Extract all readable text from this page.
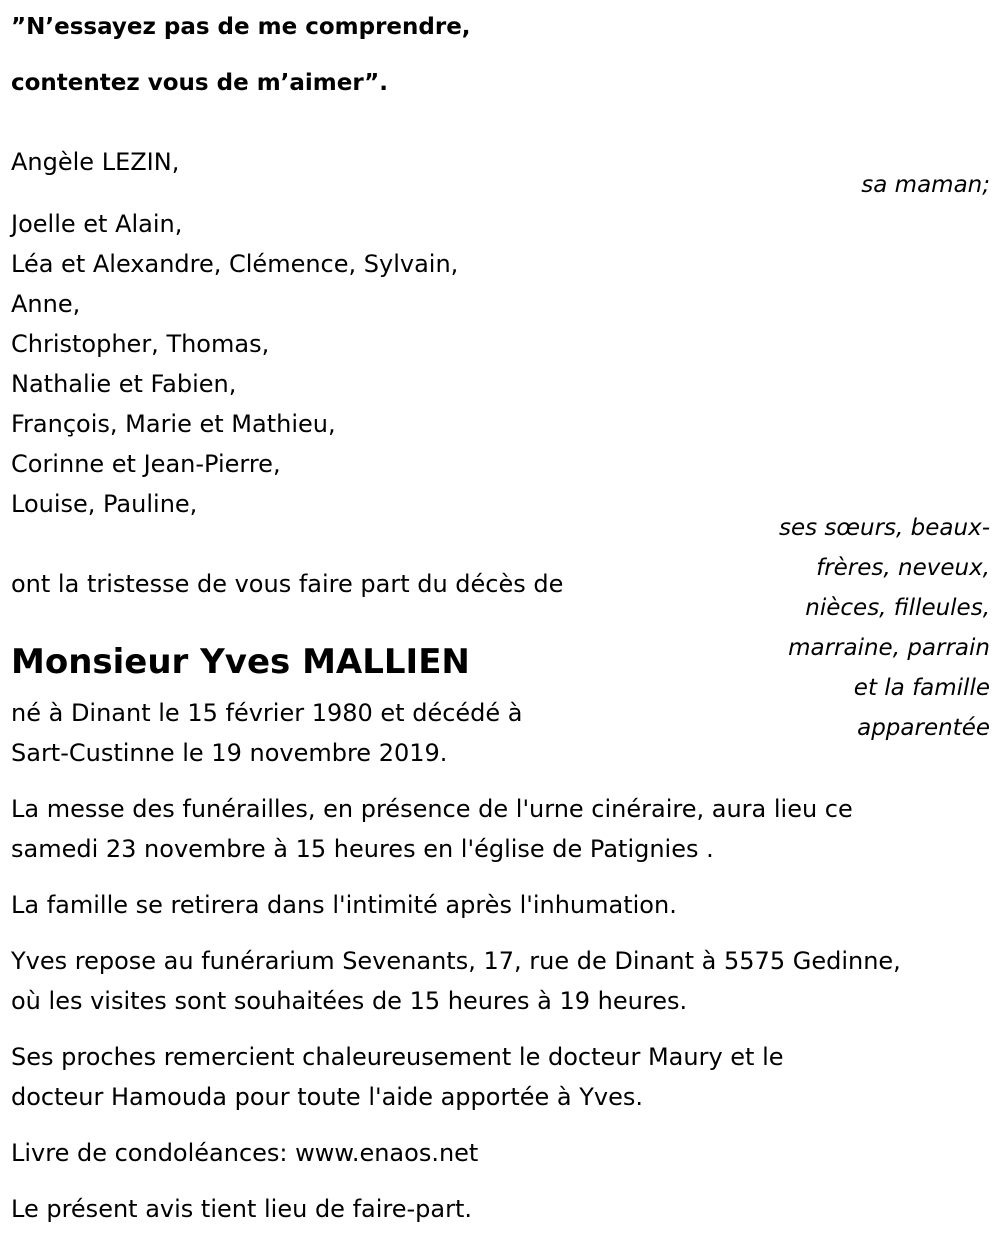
”N’essayez pas de me comprendre,
contentez vous de m’aimer”.
Angèle LEZIN,
sa maman;
Joelle et Alain,
Léa et Alexandre, Clémence, Sylvain,
Anne,
Christopher, Thomas,
Nathalie et Fabien,
François, Marie et Mathieu,
Corinne et Jean-Pierre,
Louise, Pauline,
ses sœurs, beaux-
frères, neveux,
nièces, filleules,
marraine, parrain
et la famille
apparentée
ont la tristesse de vous faire part du décès de
Monsieur Yves MALLIEN
né à Dinant le 15 février 1980 et décédé à
Sart-Custinne le 19 novembre 2019.
La messe des funérailles, en présence de l'urne cinéraire, aura lieu ce
samedi 23 novembre à 15 heures en l'église de Patignies .
La famille se retirera dans l'intimité après l'inhumation.
Yves repose au funérarium Sevenants, 17, rue de Dinant à 5575 Gedinne,
où les visites sont souhaitées de 15 heures à 19 heures.
Ses proches remercient chaleureusement le docteur Maury et le
docteur Hamouda pour toute l'aide apportée à Yves.
Livre de condoléances: www.enaos.net
Le présent avis tient lieu de faire-part.
